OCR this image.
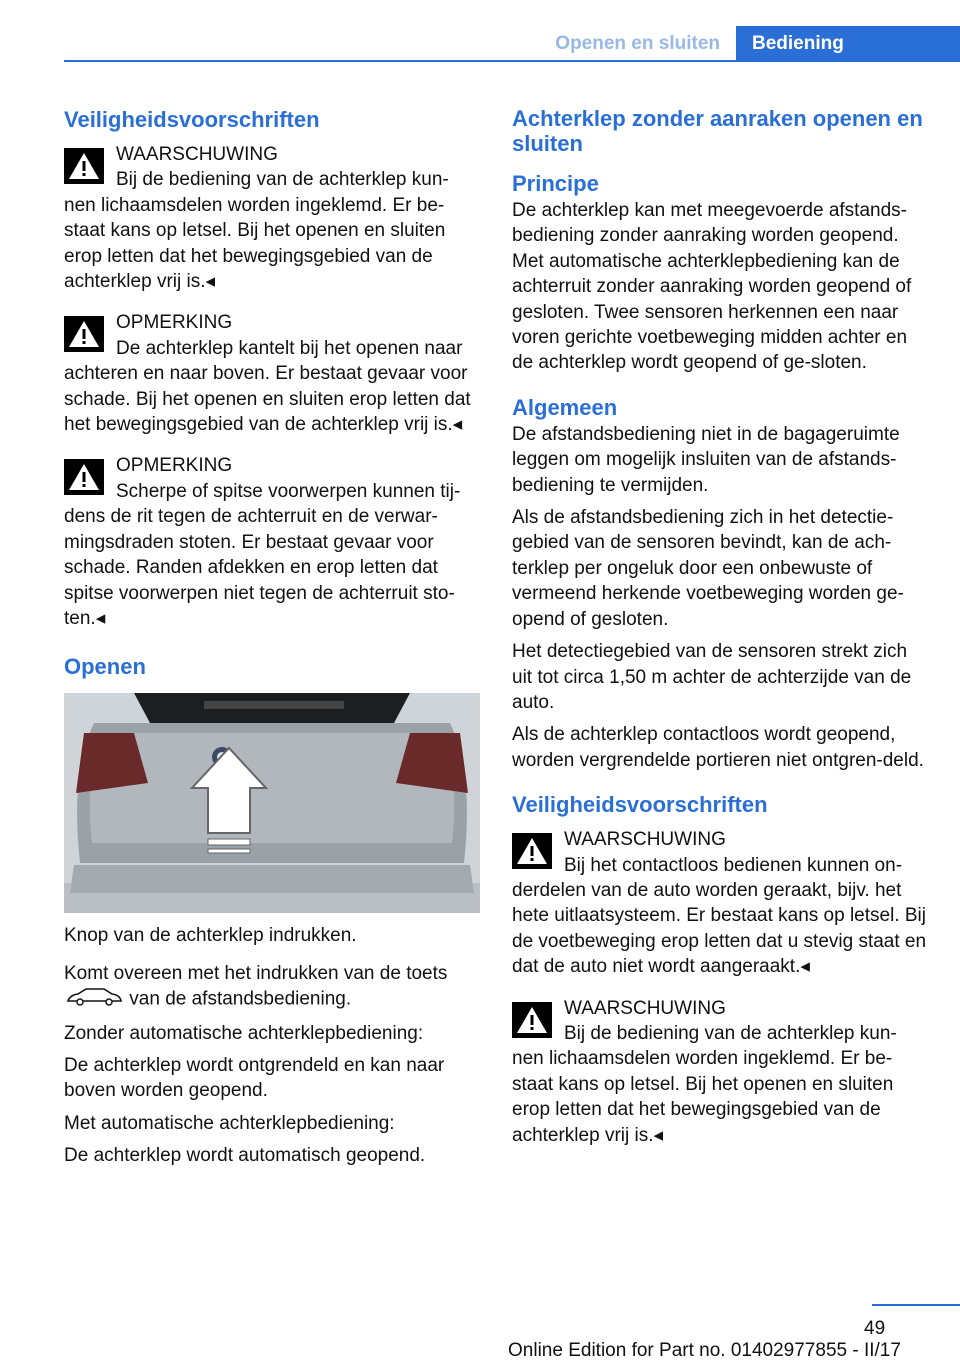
Openen en sluiten	Bediening
Veiligheidsvoorschriften
WAARSCHUWING
Bij de bediening van de achterklep kun-
nen lichaamsdelen worden ingeklemd. Er be-staat kans op letsel. Bij het openen en sluiten erop letten dat het bewegingsgebied van de achterklep vrij is.◂
OPMERKING
De achterklep kantelt bij het openen naar
achteren en naar boven. Er bestaat gevaar voor schade. Bij het openen en sluiten erop letten dat het bewegingsgebied van de achterklep vrij is.◂
OPMERKING
Scherpe of spitse voorwerpen kunnen tij-
dens de rit tegen de achterruit en de verwar-mingsdraden stoten. Er bestaat gevaar voor schade. Randen afdekken en erop letten dat spitse voorwerpen niet tegen de achterruit sto-ten.◂
Openen

Knop van de achterklep indrukken.

Komt overeen met het indrukken van de toets

van de afstandsbediening.

Zonder automatische achterklepbediening:

De achterklep wordt ontgrendeld en kan naar boven worden geopend.

Met automatische achterklepbediening:

De achterklep wordt automatisch geopend.

Achterklep zonder aanraken openen en sluiten
Principe
De achterklep kan met meegevoerde afstands-bediening zonder aanraking worden geopend. Met automatische achterklepbediening kan de achterruit zonder aanraking worden geopend of gesloten. Twee sensoren herkennen een naar voren gerichte voetbeweging midden achter en de achterklep wordt geopend of ge-sloten.
Algemeen
De afstandsbediening niet in de bagageruimte leggen om mogelijk insluiten van de afstands-bediening te vermijden.

Als de afstandsbediening zich in het detectie-gebied van de sensoren bevindt, kan de ach-terklep per ongeluk door een onbewuste of vermeend herkende voetbeweging worden ge-opend of gesloten.

Het detectiegebied van de sensoren strekt zich uit tot circa 1,50 m achter de achterzijde van de auto.

Als de achterklep contactloos wordt geopend, worden vergrendelde portieren niet ontgren-deld.

Veiligheidsvoorschriften
WAARSCHUWING
Bij het contactloos bedienen kunnen on-
derdelen van de auto worden geraakt, bijv. het hete uitlaatsysteem. Er bestaat kans op letsel. Bij de voetbeweging erop letten dat u stevig staat en dat de auto niet wordt aangeraakt.◂
WAARSCHUWING
Bij de bediening van de achterklep kun-
nen lichaamsdelen worden ingeklemd. Er be-staat kans op letsel. Bij het openen en sluiten erop letten dat het bewegingsgebied van de achterklep vrij is.◂
49
Online Edition for Part no. 01402977855 - II/17
